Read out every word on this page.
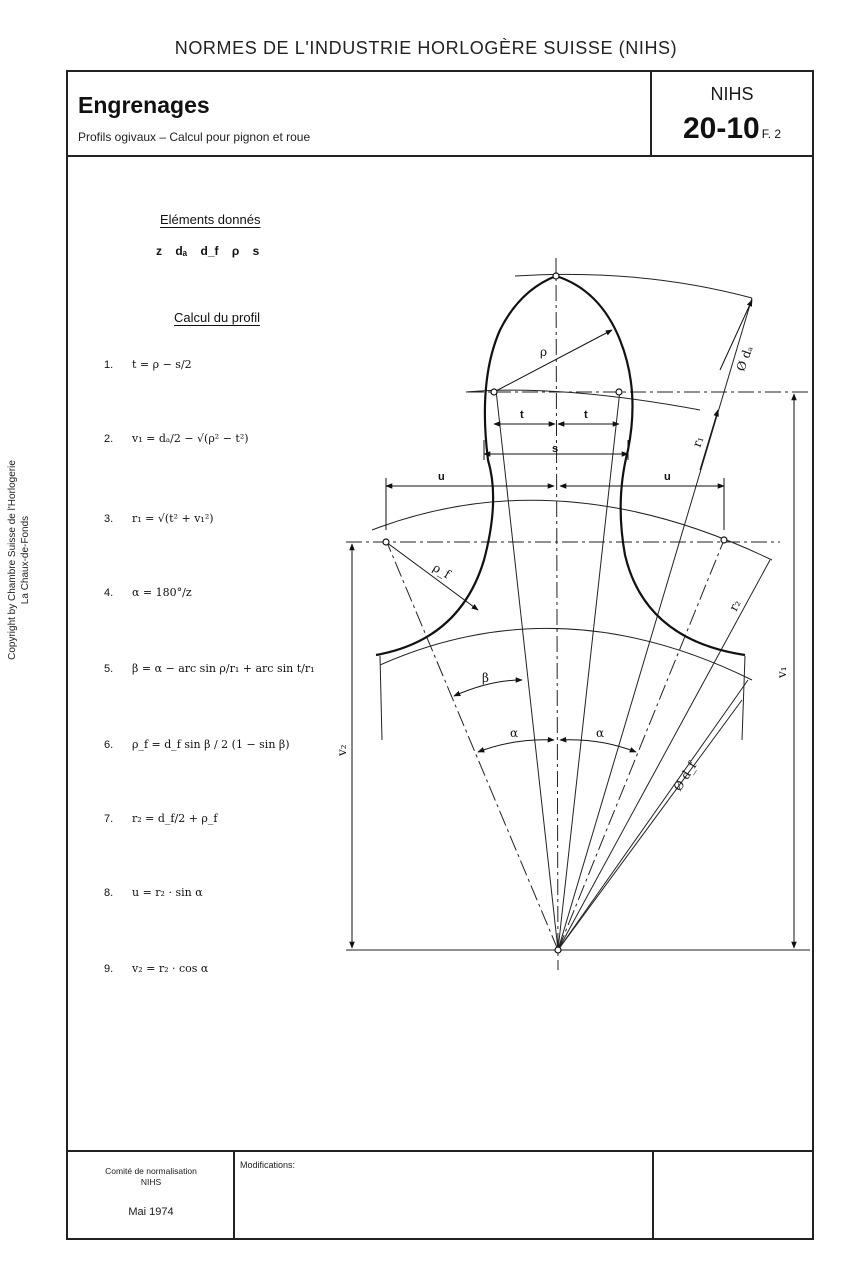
NORMES DE L'INDUSTRIE HORLOGÈRE SUISSE (NIHS)
Engrenages
Profils ogivaux – Calcul pour pignon et roue
NIHS
20-10 F. 2
Copyright by Chambre Suisse de l'Horlogerie La Chaux-de-Fonds
Eléments donnés
z dₐ d_f ρ s
Calcul du profil
1. t = ρ − s/2
2. v₁ = dₐ/2 − √(ρ² − t²)
3. r₁ = √(t² + v₁²)
4. α = 180°/z
5. β = α − arc sin ρ/r₁ + arc sin t/r₁
6. ρ_f = d_f sin β / 2 (1 − sin β)
7. r₂ = d_f/2 + ρ_f
8. u = r₂ · sin α
9. v₂ = r₂ · cos α
ρ	Ø dₐ
t	t
s	r₁
u	u
ρ_f
r₂
β
α	α
Ø d_f
v₁
v₂
Comité de normalisation
NIHS
Mai 1974
Modifications:
